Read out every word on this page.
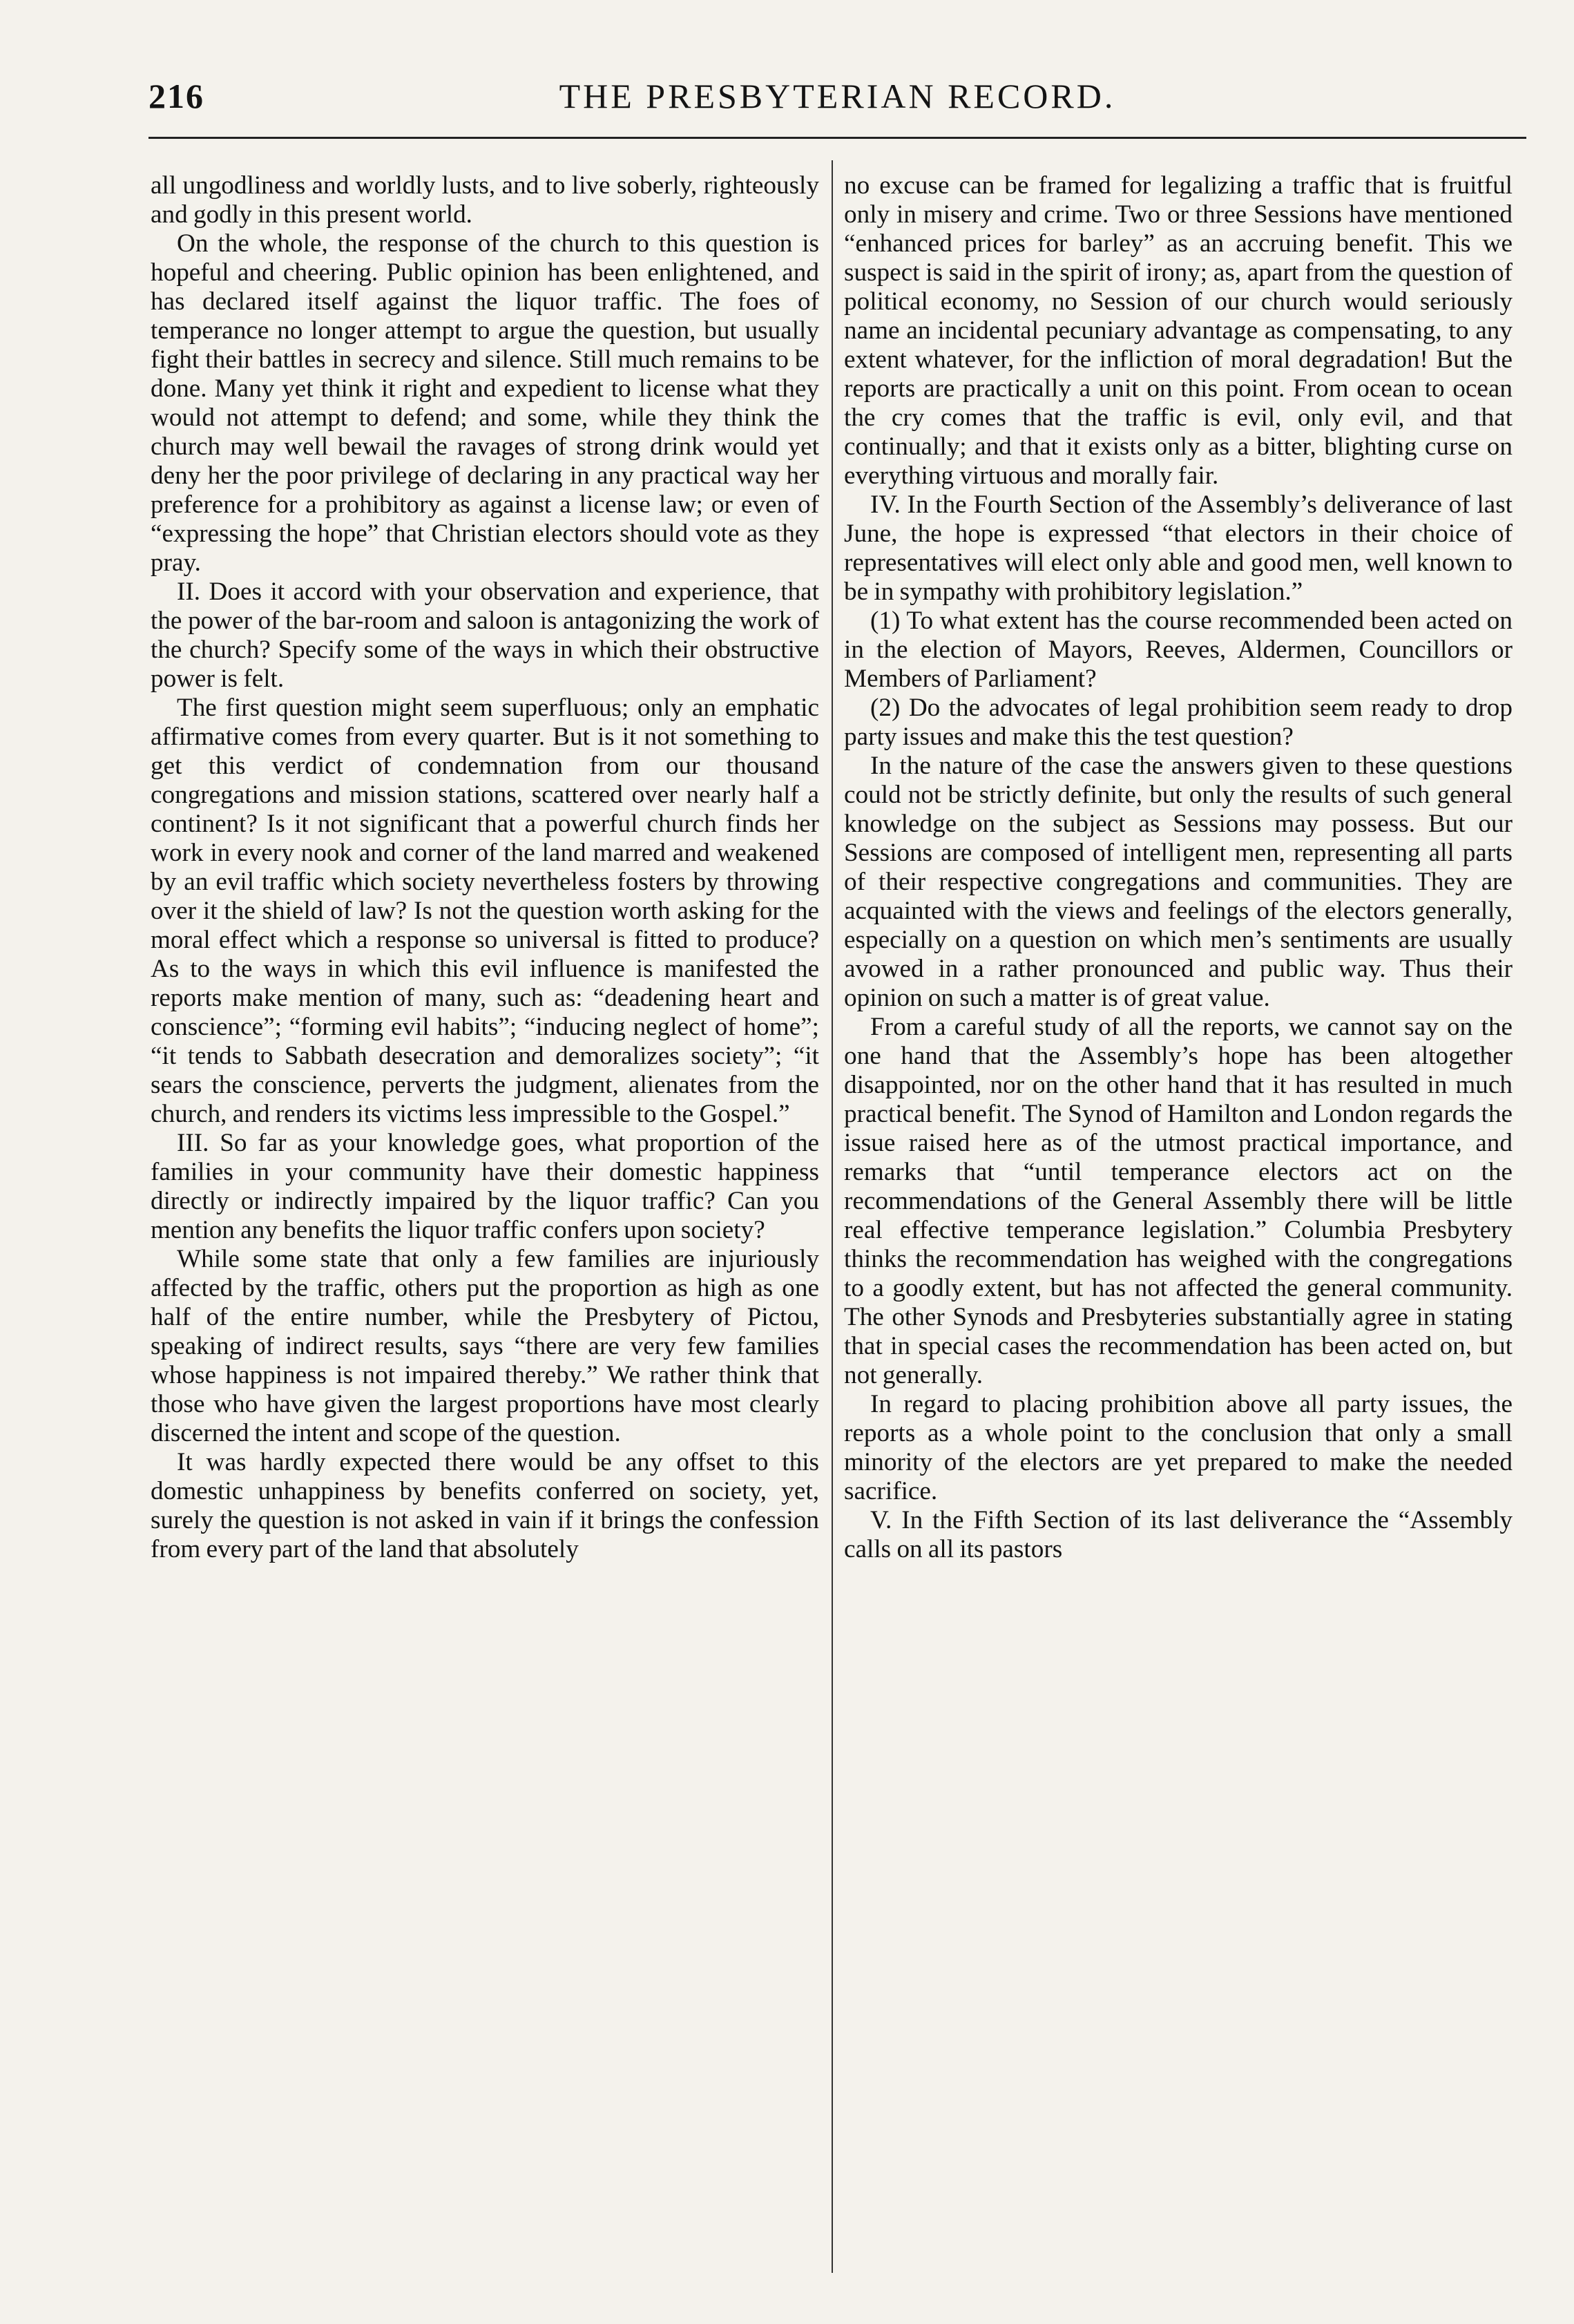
216	THE PRESBYTERIAN RECORD.

all ungodliness and worldly lusts, and to live soberly, righteously and godly in this present world.

On the whole, the response of the church to this question is hopeful and cheering. Public opinion has been enlightened, and has declared itself against the liquor traffic. The foes of temperance no longer attempt to argue the question, but usually fight their battles in secrecy and silence. Still much remains to be done. Many yet think it right and expedient to license what they would not attempt to defend; and some, while they think the church may well bewail the ravages of strong drink would yet deny her the poor privilege of declaring in any practical way her preference for a prohibitory as against a license law; or even of “expressing the hope” that Christian electors should vote as they pray.

II. Does it accord with your observation and experience, that the power of the bar-room and saloon is antagonizing the work of the church? Specify some of the ways in which their obstructive power is felt.

The first question might seem superfluous; only an emphatic affirmative comes from every quarter. But is it not something to get this verdict of condemnation from our thousand congregations and mission stations, scattered over nearly half a continent? Is it not significant that a powerful church finds her work in every nook and corner of the land marred and weakened by an evil traffic which society nevertheless fosters by throwing over it the shield of law? Is not the question worth asking for the moral effect which a response so universal is fitted to produce? As to the ways in which this evil influence is manifested the reports make mention of many, such as: “deadening heart and conscience”; “forming evil habits”; “inducing neglect of home”; “it tends to Sabbath desecration and demoralizes society”; “it sears the conscience, perverts the judgment, alienates from the church, and renders its victims less impressible to the Gospel.”

III. So far as your knowledge goes, what proportion of the families in your community have their domestic happiness directly or indirectly impaired by the liquor traffic? Can you mention any benefits the liquor traffic confers upon society?

While some state that only a few families are injuriously affected by the traffic, others put the proportion as high as one half of the entire number, while the Presbytery of Pictou, speaking of indirect results, says “there are very few families whose happiness is not impaired thereby.” We rather think that those who have given the largest proportions have most clearly discerned the intent and scope of the question.

It was hardly expected there would be any offset to this domestic unhappiness by benefits conferred on society, yet, surely the question is not asked in vain if it brings the confession from every part of the land that absolutely

no excuse can be framed for legalizing a traffic that is fruitful only in misery and crime. Two or three Sessions have mentioned “enhanced prices for barley” as an accruing benefit. This we suspect is said in the spirit of irony; as, apart from the question of political economy, no Session of our church would seriously name an incidental pecuniary advantage as compensating, to any extent whatever, for the infliction of moral degradation! But the reports are practically a unit on this point. From ocean to ocean the cry comes that the traffic is evil, only evil, and that continually; and that it exists only as a bitter, blighting curse on everything virtuous and morally fair.

IV. In the Fourth Section of the Assembly’s deliverance of last June, the hope is expressed “that electors in their choice of representatives will elect only able and good men, well known to be in sympathy with prohibitory legislation.”

(1) To what extent has the course recommended been acted on in the election of Mayors, Reeves, Aldermen, Councillors or Members of Parliament?

(2) Do the advocates of legal prohibition seem ready to drop party issues and make this the test question?

In the nature of the case the answers given to these questions could not be strictly definite, but only the results of such general knowledge on the subject as Sessions may possess. But our Sessions are composed of intelligent men, representing all parts of their respective congregations and communities. They are acquainted with the views and feelings of the electors generally, especially on a question on which men’s sentiments are usually avowed in a rather pronounced and public way. Thus their opinion on such a matter is of great value.

From a careful study of all the reports, we cannot say on the one hand that the Assembly’s hope has been altogether disappointed, nor on the other hand that it has resulted in much practical benefit. The Synod of Hamilton and London regards the issue raised here as of the utmost practical importance, and remarks that “until temperance electors act on the recommendations of the General Assembly there will be little real effective temperance legislation.” Columbia Presbytery thinks the recommendation has weighed with the congregations to a goodly extent, but has not affected the general community. The other Synods and Presbyteries substantially agree in stating that in special cases the recommendation has been acted on, but not generally.

In regard to placing prohibition above all party issues, the reports as a whole point to the conclusion that only a small minority of the electors are yet prepared to make the needed sacrifice.

V. In the Fifth Section of its last deliverance the “Assembly calls on all its pastors
